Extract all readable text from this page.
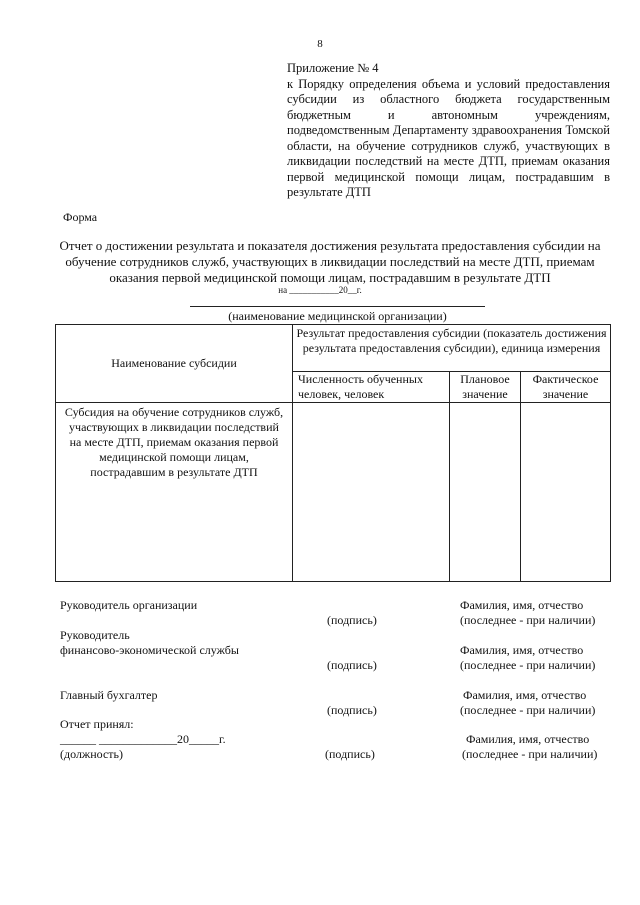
8
Приложение № 4
к Порядку определения объема и условий предоставления субсидии из областного бюджета государственным бюджетным и автономным учреждениям, подведомственным Департаменту здравоохранения Томской области, на обучение сотрудников служб, участвующих в ликвидации последствий на месте ДТП, приемам оказания первой медицинской помощи лицам, пострадавшим в результате ДТП
Форма
Отчет о достижении результата и показателя достижения результата предоставления субсидии на обучение сотрудников служб, участвующих в ликвидации последствий на месте ДТП, приемам оказания первой медицинской помощи лицам, пострадавшим в результате ДТП
на ___________20__г.
(наименование медицинской организации)
Наименование субсидии	Результат предоставления субсидии (показатель достижения результата предоставления субсидии), единица измерения		
	Численность обученных человек, человек	Плановое значение	Фактическое значение
Субсидия на обучение сотрудников служб, участвующих в ликвидации последствий на месте ДТП, приемам оказания первой медицинской помощи лицам, пострадавшим в результате ДТП			
Руководитель организации	Фамилия, имя, отчество
(подпись)	(последнее - при наличии)
Руководитель
финансово-экономической службы	Фамилия, имя, отчество
(подпись)	(последнее - при наличии)
Главный бухгалтер	Фамилия, имя, отчество
(подпись)	(последнее - при наличии)
Отчет принял:
______ _____________20_____г.	Фамилия, имя, отчество
(должность)	(подпись)	(последнее - при наличии)
